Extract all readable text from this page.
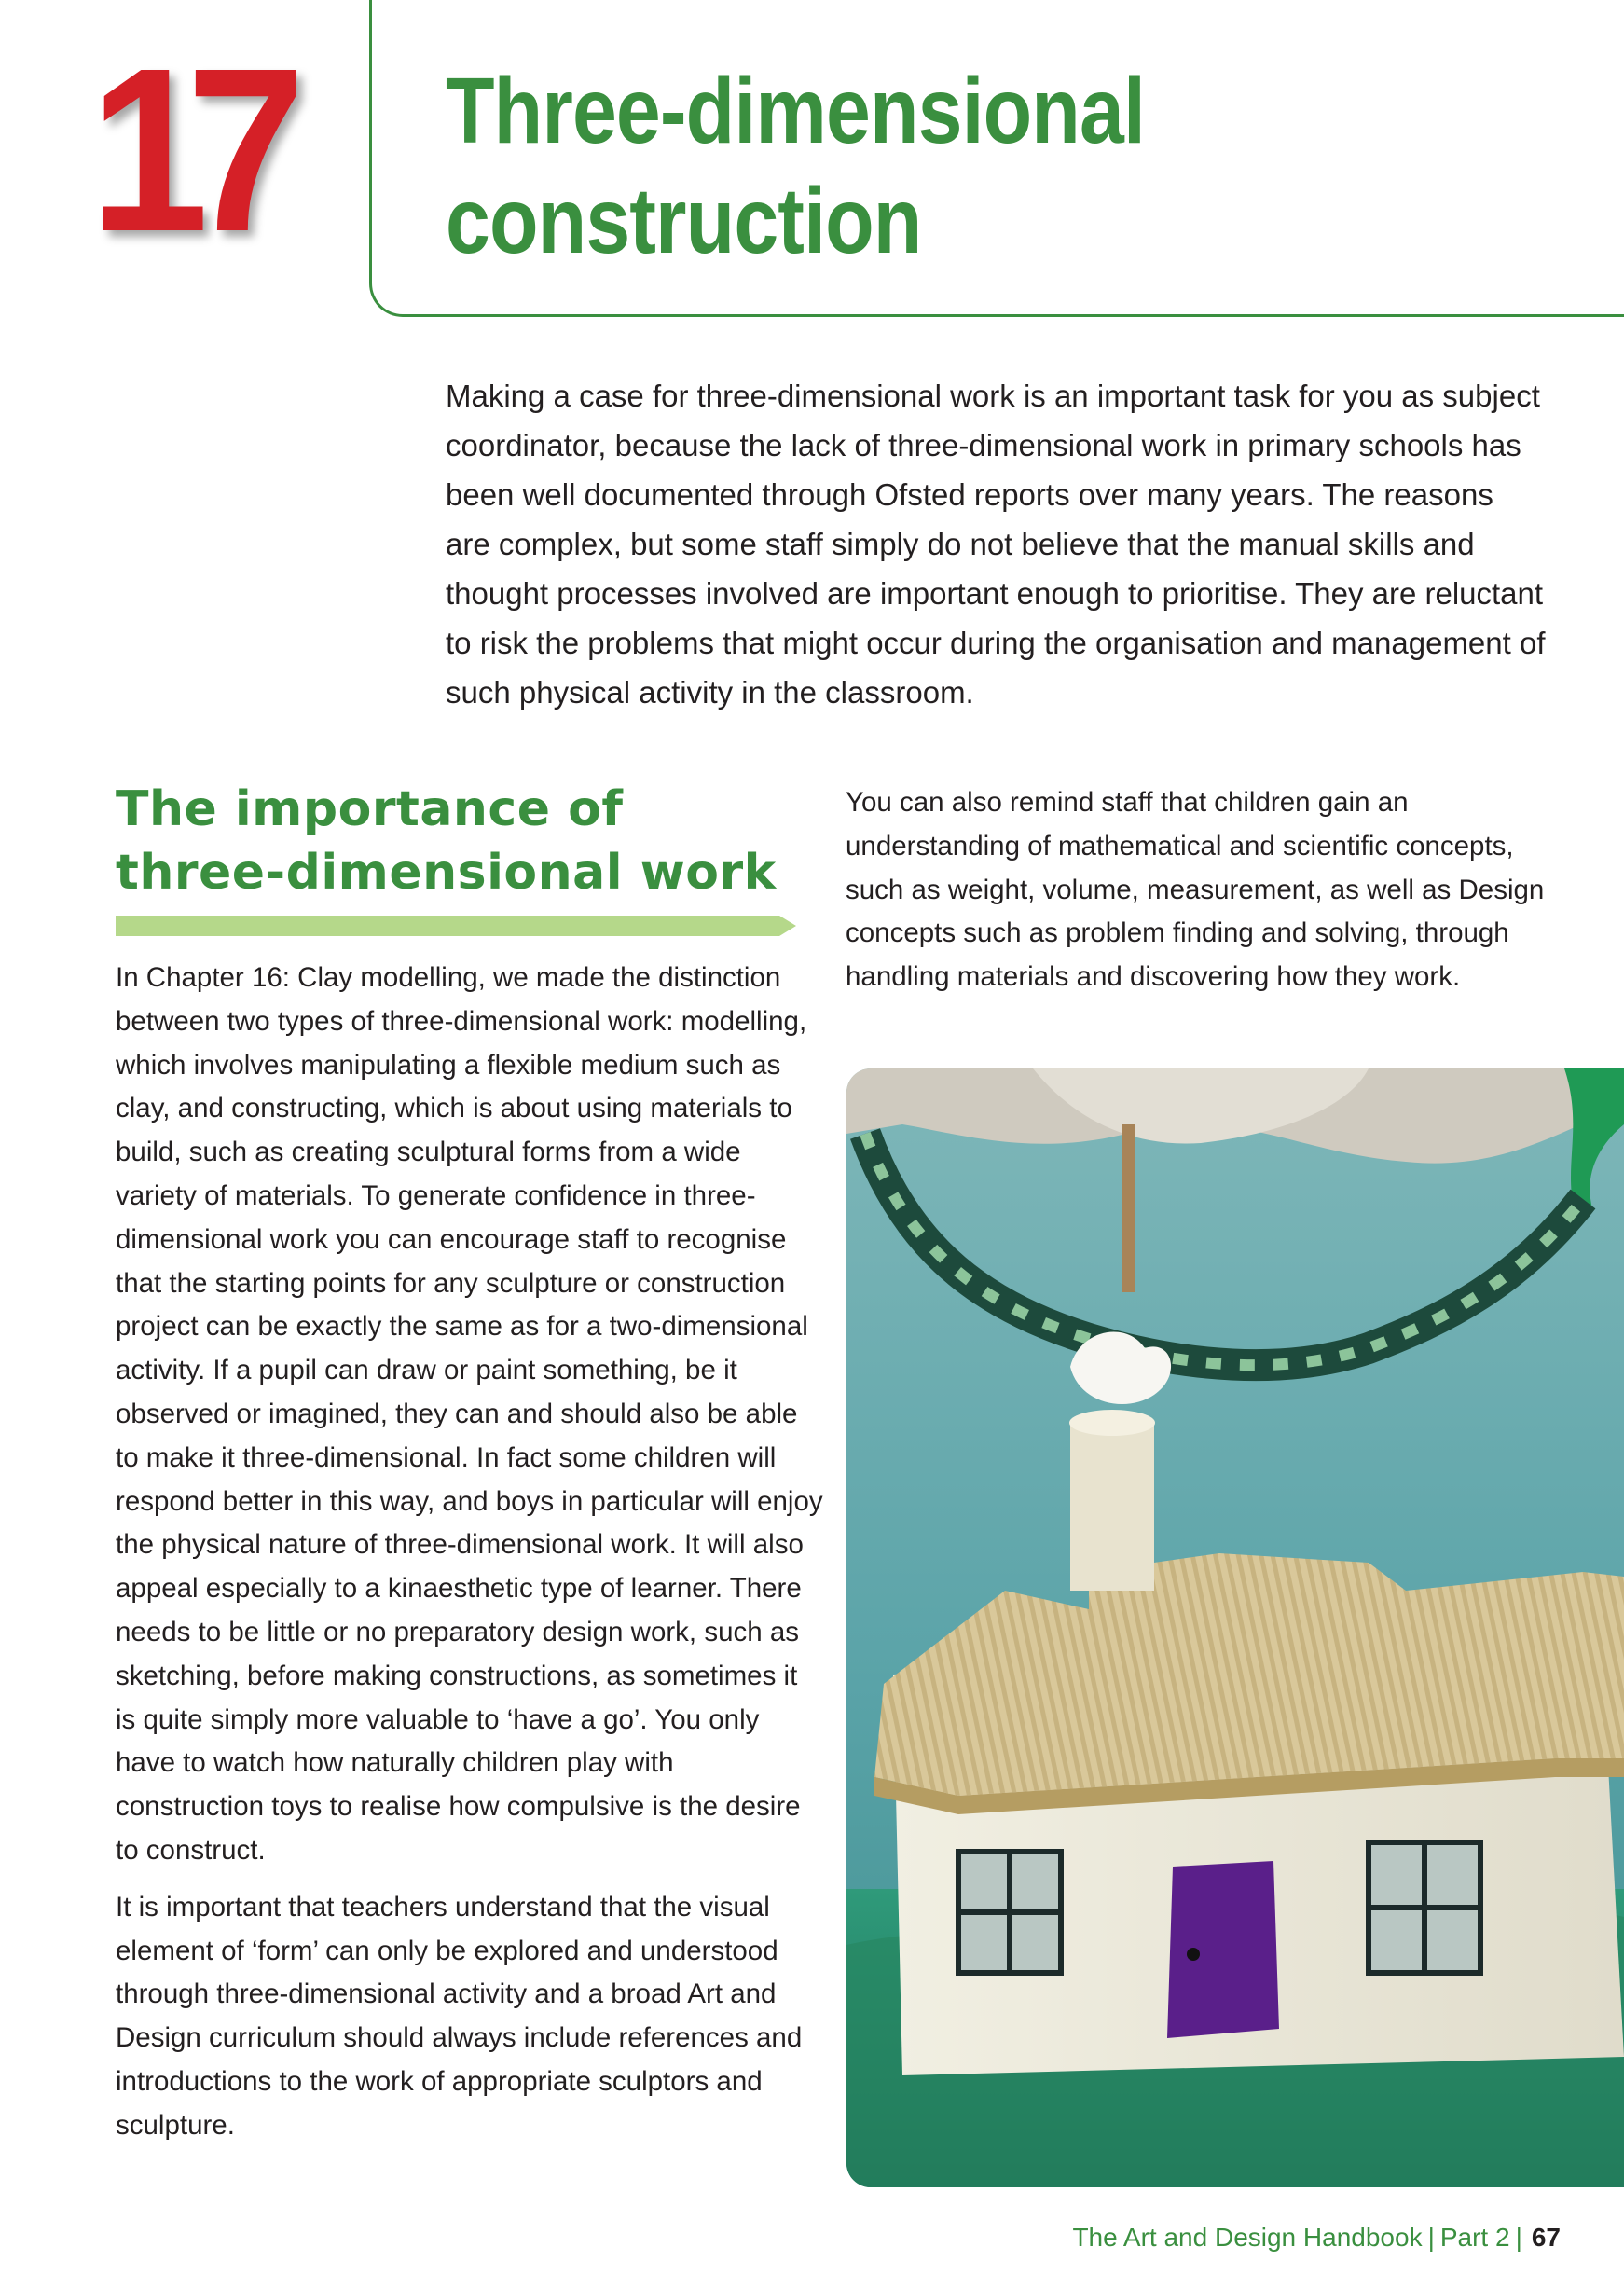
17 Three-dimensional
construction

Making a case for three-dimensional work is an important task for you as subject coordinator, because the lack of three-dimensional work in primary schools has been well documented through Ofsted reports over many years. The reasons are complex, but some staff simply do not believe that the manual skills and thought processes involved are important enough to prioritise. They are reluctant to risk the problems that might occur during the organisation and management of such physical activity in the classroom.

The importance of
three-dimensional work

In Chapter 16: Clay modelling, we made the distinction between two types of three-dimensional work: modelling, which involves manipulating a flexible medium such as clay, and constructing, which is about using materials to build, such as creating sculptural forms from a wide variety of materials. To generate confidence in three-dimensional work you can encourage staff to recognise that the starting points for any sculpture or construction project can be exactly the same as for a two-dimensional activity. If a pupil can draw or paint something, be it observed or imagined, they can and should also be able to make it three-dimensional. In fact some children will respond better in this way, and boys in particular will enjoy the physical nature of three-dimensional work. It will also appeal especially to a kinaesthetic type of learner. There needs to be little or no preparatory design work, such as sketching, before making constructions, as sometimes it is quite simply more valuable to ‘have a go’. You only have to watch how naturally children play with construction toys to realise how compulsive is the desire to construct.

It is important that teachers understand that the visual element of ‘form’ can only be explored and understood through three-dimensional activity and a broad Art and Design curriculum should always include references and introductions to the work of appropriate sculptors and sculpture.

You can also remind staff that children gain an understanding of mathematical and scientific concepts, such as weight, volume, measurement, as well as Design concepts such as problem finding and solving, through handling materials and discovering how they work.

The Art and Design Handbook | Part 2 | 67
